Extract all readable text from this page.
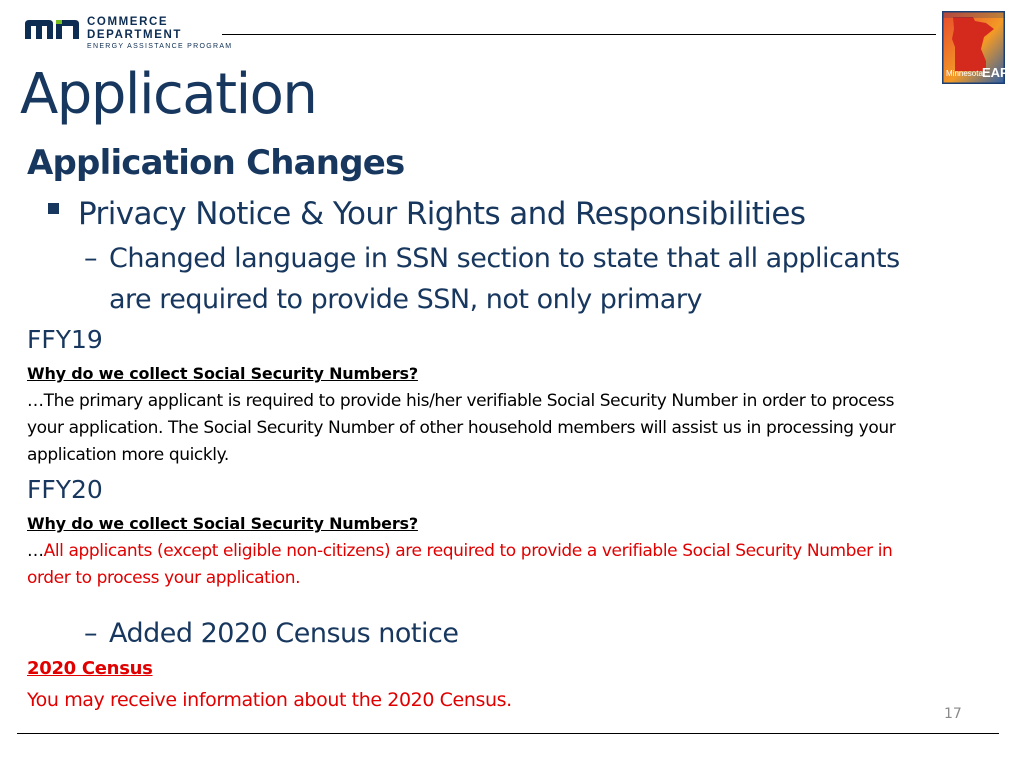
COMMERCE
DEPARTMENT
ENERGY ASSISTANCE PROGRAM
Minnesota EAP
Application
Application Changes
Privacy Notice & Your Rights and Responsibilities
– Changed language in SSN section to state that all applicants are required to provide SSN, not only primary
FFY19
Why do we collect Social Security Numbers?
…The primary applicant is required to provide his/her verifiable Social Security Number in order to process your application. The Social Security Number of other household members will assist us in processing your application more quickly.
FFY20
Why do we collect Social Security Numbers?
…All applicants (except eligible non-citizens) are required to provide a verifiable Social Security Number in order to process your application.
– Added 2020 Census notice
2020 Census
You may receive information about the 2020 Census.
17
